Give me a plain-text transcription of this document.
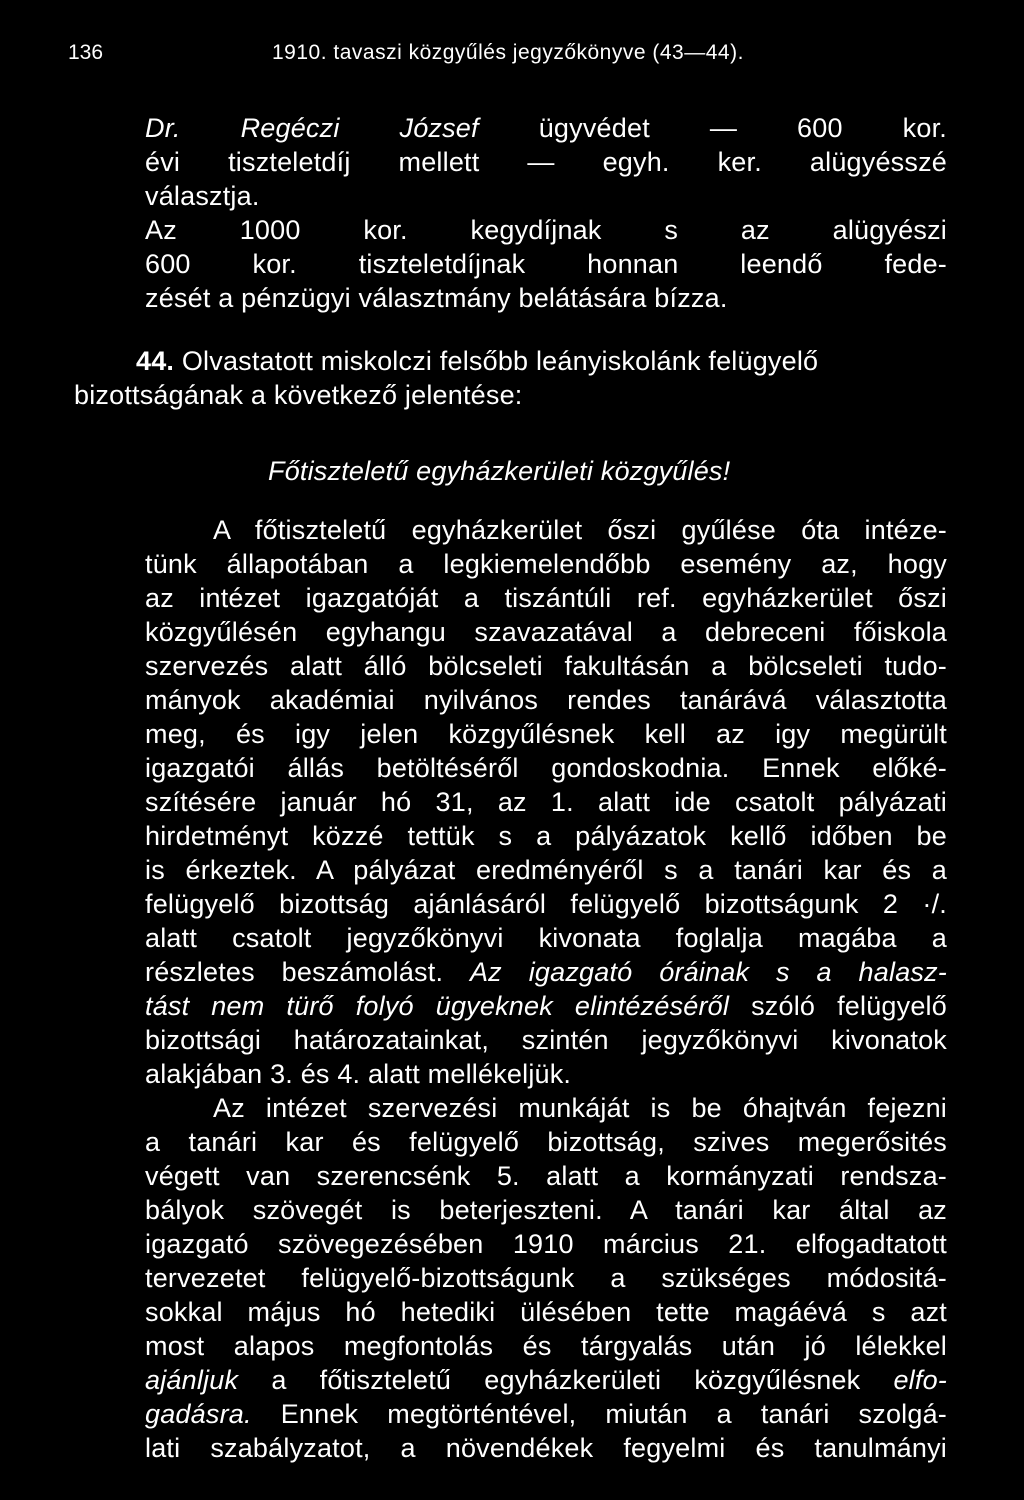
136	1910. tavaszi közgyűlés jegyzőkönyve (43—44).

Dr. Regéczi József ügyvédet — 600 kor.

évi tiszteletdíj mellett — egyh. ker. alügyésszé

választja.

Az 1000 kor. kegydíjnak s az alügyészi

600 kor. tiszteletdíjnak honnan leendő fede-

zését a pénzügyi választmány belátására bízza.

44. Olvastatott miskolczi felsőbb leányiskolánk felügyelő

bizottságának a következő jelentése:

Főtiszteletű egyházkerületi közgyűlés!

A főtiszteletű egyházkerület őszi gyűlése óta intéze-

tünk állapotában a legkiemelendőbb esemény az, hogy

az intézet igazgatóját a tiszántúli ref. egyházkerület őszi

közgyűlésén egyhangu szavazatával a debreceni főiskola

szervezés alatt álló bölcseleti fakultásán a bölcseleti tudo-

mányok akadémiai nyilvános rendes tanárává választotta

meg, és igy jelen közgyűlésnek kell az igy megürült

igazgatói állás betöltéséről gondoskodnia. Ennek előké-

szítésére január hó 31, az 1. alatt ide csatolt pályázati

hirdetményt közzé tettük s a pályázatok kellő időben be

is érkeztek. A pályázat eredményéről s a tanári kar és a

felügyelő bizottság ajánlásáról felügyelő bizottságunk 2 ·/.

alatt csatolt jegyzőkönyvi kivonata foglalja magába a

részletes beszámolást. Az igazgató óráinak s a halasz-

tást nem türő folyó ügyeknek elintézéséről szóló felügyelő

bizottsági határozatainkat, szintén jegyzőkönyvi kivonatok

alakjában 3. és 4. alatt mellékeljük.

Az intézet szervezési munkáját is be óhajtván fejezni

a tanári kar és felügyelő bizottság, szives megerősités

végett van szerencsénk 5. alatt a kormányzati rendsza-

bályok szövegét is beterjeszteni. A tanári kar által az

igazgató szövegezésében 1910 március 21. elfogadtatott

tervezetet felügyelő-bizottságunk a szükséges módositá-

sokkal május hó hetediki ülésében tette magáévá s azt

most alapos megfontolás és tárgyalás után jó lélekkel

ajánljuk a főtiszteletű egyházkerületi közgyűlésnek elfo-

gadásra. Ennek megtörténtével, miután a tanári szolgá-

lati szabályzatot, a növendékek fegyelmi és tanulmányi
